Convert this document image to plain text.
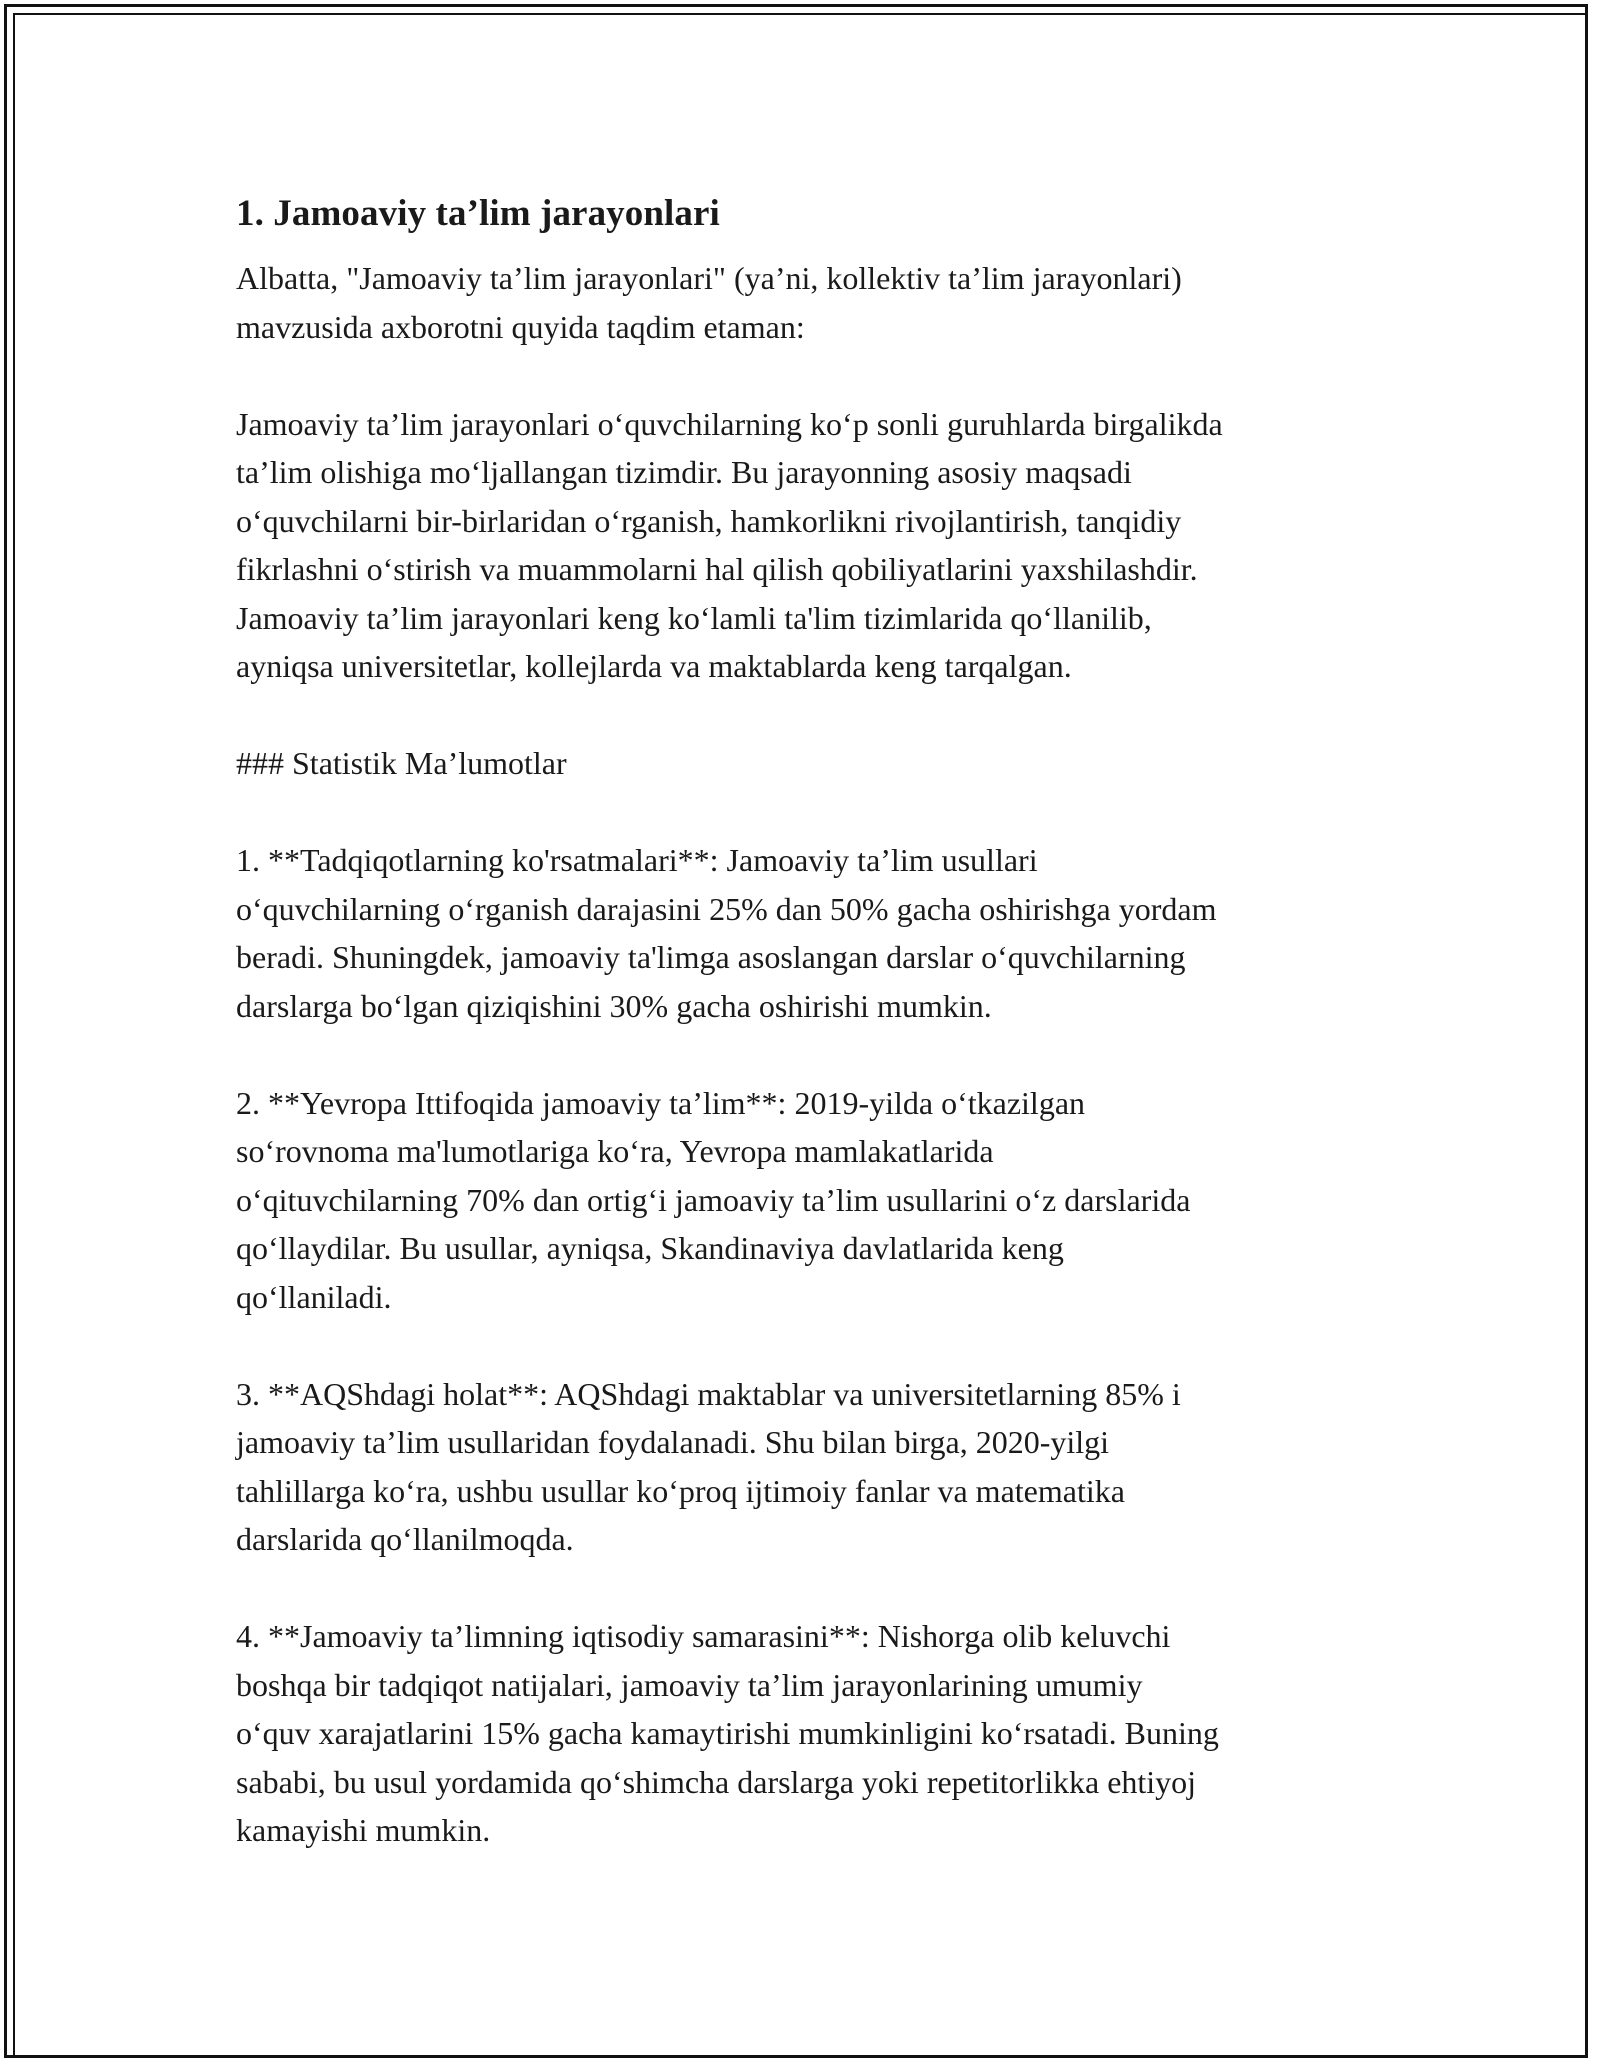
1. Jamoaviy ta’lim jarayonlari

Albatta, "Jamoaviy ta’lim jarayonlari" (ya’ni, kollektiv ta’lim jarayonlari)
mavzusida axborotni quyida taqdim etaman:

Jamoaviy ta’lim jarayonlari o‘quvchilarning ko‘p sonli guruhlarda birgalikda
ta’lim olishiga mo‘ljallangan tizimdir. Bu jarayonning asosiy maqsadi
o‘quvchilarni bir-birlaridan o‘rganish, hamkorlikni rivojlantirish, tanqidiy
fikrlashni o‘stirish va muammolarni hal qilish qobiliyatlarini yaxshilashdir.
Jamoaviy ta’lim jarayonlari keng ko‘lamli ta'lim tizimlarida qo‘llanilib,
ayniqsa universitetlar, kollejlarda va maktablarda keng tarqalgan.

### Statistik Ma’lumotlar

1. **Tadqiqotlarning ko'rsatmalari**: Jamoaviy ta’lim usullari
o‘quvchilarning o‘rganish darajasini 25% dan 50% gacha oshirishga yordam
beradi. Shuningdek, jamoaviy ta'limga asoslangan darslar o‘quvchilarning
darslarga bo‘lgan qiziqishini 30% gacha oshirishi mumkin.

2. **Yevropa Ittifoqida jamoaviy ta’lim**: 2019-yilda o‘tkazilgan
so‘rovnoma ma'lumotlariga ko‘ra, Yevropa mamlakatlarida
o‘qituvchilarning 70% dan ortig‘i jamoaviy ta’lim usullarini o‘z darslarida
qo‘llaydilar. Bu usullar, ayniqsa, Skandinaviya davlatlarida keng
qo‘llaniladi.

3. **AQShdagi holat**: AQShdagi maktablar va universitetlarning 85% i
jamoaviy ta’lim usullaridan foydalanadi. Shu bilan birga, 2020-yilgi
tahlillarga ko‘ra, ushbu usullar ko‘proq ijtimoiy fanlar va matematika
darslarida qo‘llanilmoqda.

4. **Jamoaviy ta’limning iqtisodiy samarasini**: Nishorga olib keluvchi
boshqa bir tadqiqot natijalari, jamoaviy ta’lim jarayonlarining umumiy
o‘quv xarajatlarini 15% gacha kamaytirishi mumkinligini ko‘rsatadi. Buning
sababi, bu usul yordamida qo‘shimcha darslarga yoki repetitorlikka ehtiyoj
kamayishi mumkin.
